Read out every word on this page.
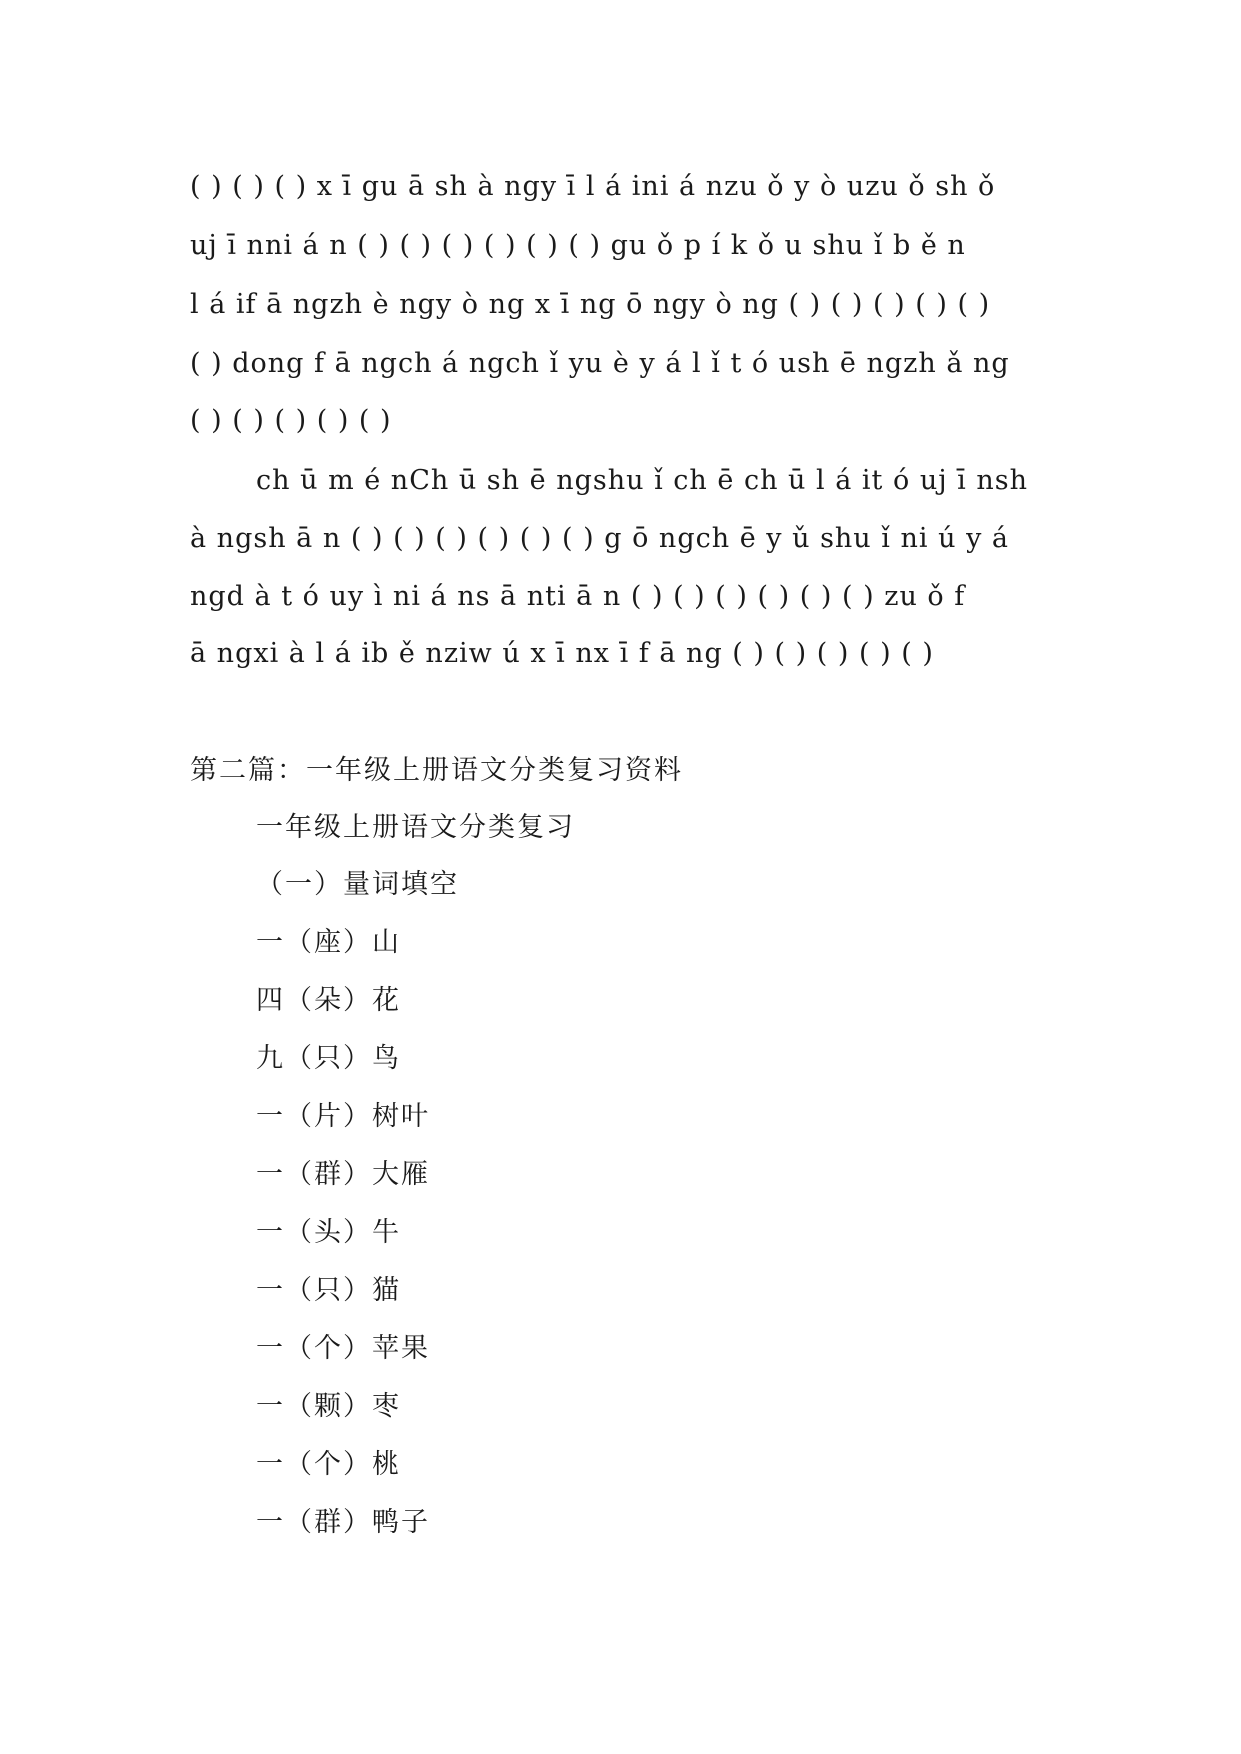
( ) ( ) ( ) x ī gu ā sh à ngy ī l á ini á nzu ǒ y ò uzu ǒ sh ǒ
uj ī nni á n ( ) ( ) ( ) ( ) ( ) ( ) gu ǒ p í k ǒ u shu ǐ b ě n
l á if ā ngzh è ngy ò ng x ī ng ō ngy ò ng ( ) ( ) ( ) ( ) ( )
( ) dong f ā ngch á ngch ǐ yu è y á l ǐ t ó ush ē ngzh ǎ ng
( ) ( ) ( ) ( ) ( )
ch ū m é nCh ū sh ē ngshu ǐ ch ē ch ū l á it ó uj ī nsh
à ngsh ā n ( ) ( ) ( ) ( ) ( ) ( ) g ō ngch ē y ǔ shu ǐ ni ú y á
ngd à t ó uy ì ni á ns ā nti ā n ( ) ( ) ( ) ( ) ( ) ( ) zu ǒ f
ā ngxi à l á ib ě nziw ú x ī nx ī f ā ng ( ) ( ) ( ) ( ) ( )
第二篇：一年级上册语文分类复习资料
一年级上册语文分类复习
（一）量词填空
一（座）山
四（朵）花
九（只）鸟
一（片）树叶
一（群）大雁
一（头）牛
一（只）猫
一（个）苹果
一（颗）枣
一（个）桃
一（群）鸭子
